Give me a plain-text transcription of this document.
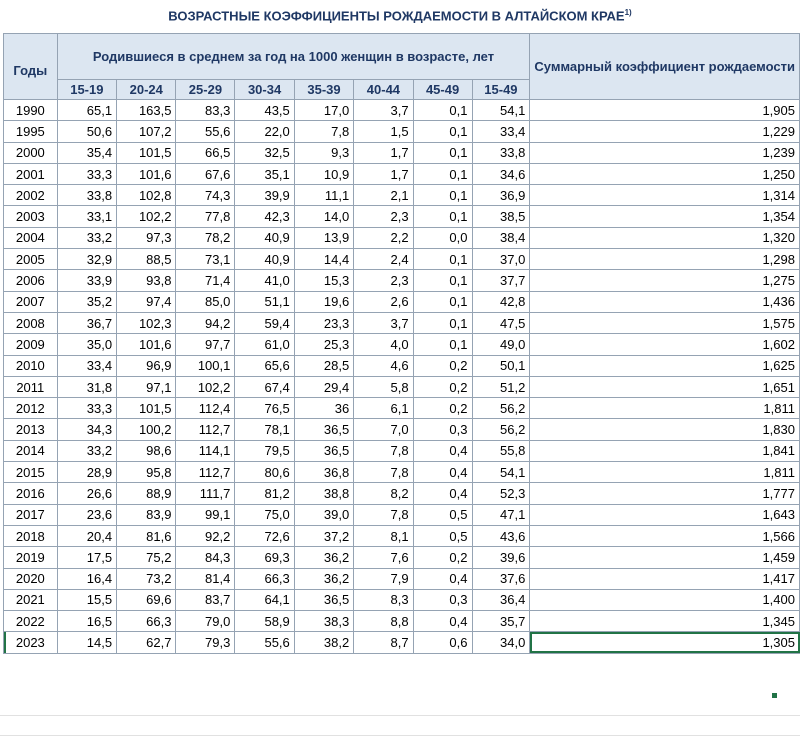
ВОЗРАСТНЫЕ КОЭФФИЦИЕНТЫ РОЖДАЕМОСТИ В АЛТАЙСКОМ КРАЕ$^{1)}$
Годы	Родившиеся в среднем за год на 1000 женщин в возрасте, лет								Суммарный коэффициент рождаемости
	15-19	20-24	25-29	30-34	35-39	40-44	45-49	15-49	
1990	65,1	163,5	83,3	43,5	17,0	3,7	0,1	54,1	1,905
1995	50,6	107,2	55,6	22,0	7,8	1,5	0,1	33,4	1,229
2000	35,4	101,5	66,5	32,5	9,3	1,7	0,1	33,8	1,239
2001	33,3	101,6	67,6	35,1	10,9	1,7	0,1	34,6	1,250
2002	33,8	102,8	74,3	39,9	11,1	2,1	0,1	36,9	1,314
2003	33,1	102,2	77,8	42,3	14,0	2,3	0,1	38,5	1,354
2004	33,2	97,3	78,2	40,9	13,9	2,2	0,0	38,4	1,320
2005	32,9	88,5	73,1	40,9	14,4	2,4	0,1	37,0	1,298
2006	33,9	93,8	71,4	41,0	15,3	2,3	0,1	37,7	1,275
2007	35,2	97,4	85,0	51,1	19,6	2,6	0,1	42,8	1,436
2008	36,7	102,3	94,2	59,4	23,3	3,7	0,1	47,5	1,575
2009	35,0	101,6	97,7	61,0	25,3	4,0	0,1	49,0	1,602
2010	33,4	96,9	100,1	65,6	28,5	4,6	0,2	50,1	1,625
2011	31,8	97,1	102,2	67,4	29,4	5,8	0,2	51,2	1,651
2012	33,3	101,5	112,4	76,5	36	6,1	0,2	56,2	1,811
2013	34,3	100,2	112,7	78,1	36,5	7,0	0,3	56,2	1,830
2014	33,2	98,6	114,1	79,5	36,5	7,8	0,4	55,8	1,841
2015	28,9	95,8	112,7	80,6	36,8	7,8	0,4	54,1	1,811
2016	26,6	88,9	111,7	81,2	38,8	8,2	0,4	52,3	1,777
2017	23,6	83,9	99,1	75,0	39,0	7,8	0,5	47,1	1,643
2018	20,4	81,6	92,2	72,6	37,2	8,1	0,5	43,6	1,566
2019	17,5	75,2	84,3	69,3	36,2	7,6	0,2	39,6	1,459
2020	16,4	73,2	81,4	66,3	36,2	7,9	0,4	37,6	1,417
2021	15,5	69,6	83,7	64,1	36,5	8,3	0,3	36,4	1,400
2022	16,5	66,3	79,0	58,9	38,3	8,8	0,4	35,7	1,345
2023	14,5	62,7	79,3	55,6	38,2	8,7	0,6	34,0	1,305
